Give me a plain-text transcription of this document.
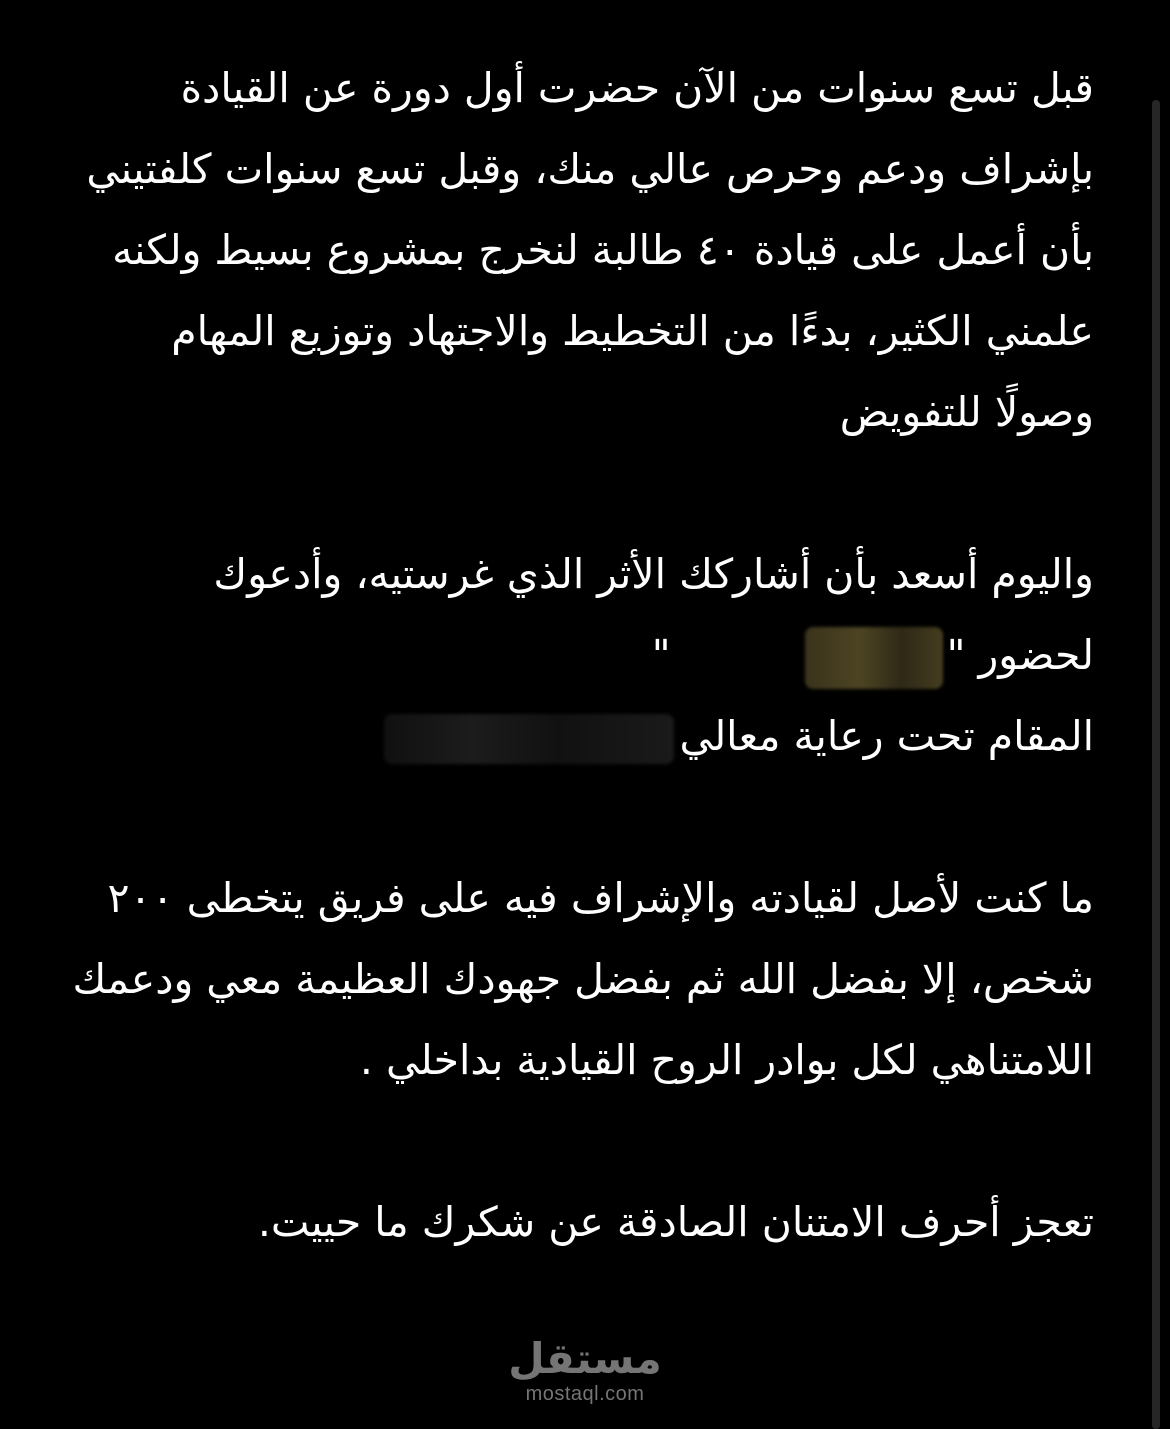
قبل تسع سنوات من الآن حضرت أول دورة عن القيادة بإشراف ودعم وحرص عالي منك، وقبل تسع سنوات كلفتيني بأن أعمل على قيادة ٤٠ طالبة لنخرج بمشروع بسيط ولكنه علمني الكثير، بدءًا من التخطيط والاجتهاد وتوزيع المهام وصولًا للتفويض

واليوم أسعد بأن أشاركك الأثر الذي غرستيه، وأدعوك
لحضور ""
المقام تحت رعاية معالي

ما كنت لأصل لقيادته والإشراف فيه على فريق يتخطى ٢٠٠ شخص، إلا بفضل الله ثم بفضل جهودك العظيمة معي ودعمك اللامتناهي لكل بوادر الروح القيادية بداخلي .

تعجز أحرف الامتنان الصادقة عن شكرك ما حييت.

مستقل
mostaql.com
